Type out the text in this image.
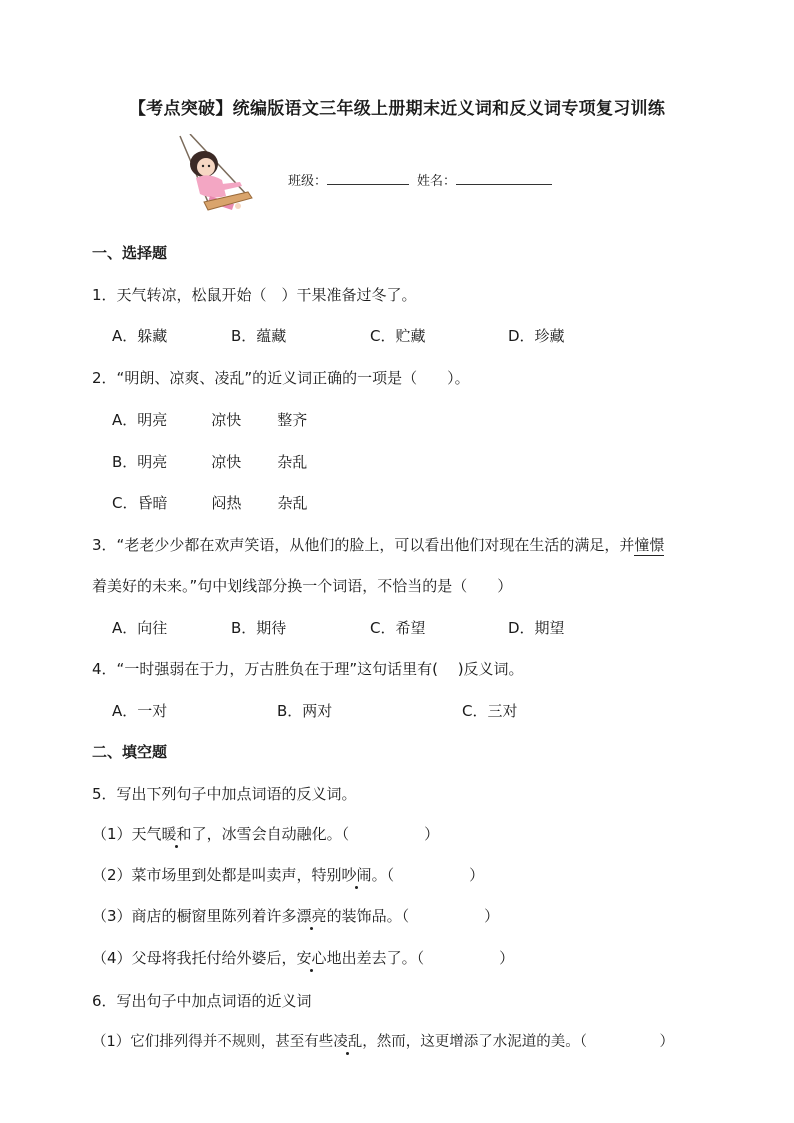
【考点突破】统编版语文三年级上册期末近义词和反义词专项复习训练
班级：	姓名：
一、选择题
1．天气转凉，松鼠开始（　）干果准备过冬了。
A．躲藏	B．蕴藏	C．贮藏	D．珍藏
2．“明朗、凉爽、凌乱”的近义词正确的一项是（　　）。
A．明亮	凉快 整齐
B．明亮	凉快 杂乱
C．昏暗	闷热 杂乱
3．“老老少少都在欢声笑语，从他们的脸上，可以看出他们对现在生活的满足，并憧憬
着美好的未来。”句中划线部分换一个词语，不恰当的是（　　）
A．向往	B．期待	C．希望	D．期望
4．“一时强弱在于力，万古胜负在于理”这句话里有(　 )反义词。
A．一对	B．两对	C．三对
二、填空题
5．写出下列句子中加点词语的反义词。
（1）天气暖和了，冰雪会自动融化。（　　　　　）
（2）菜市场里到处都是叫卖声，特别吵闹。（　　　　　）
（3）商店的橱窗里陈列着许多漂亮的装饰品。（　　　　　）
（4）父母将我托付给外婆后，安心地出差去了。（　　　　　）
6．写出句子中加点词语的近义词
（1）它们排列得并不规则，甚至有些凌乱，然而，这更增添了水泥道的美。（　　　　　）
